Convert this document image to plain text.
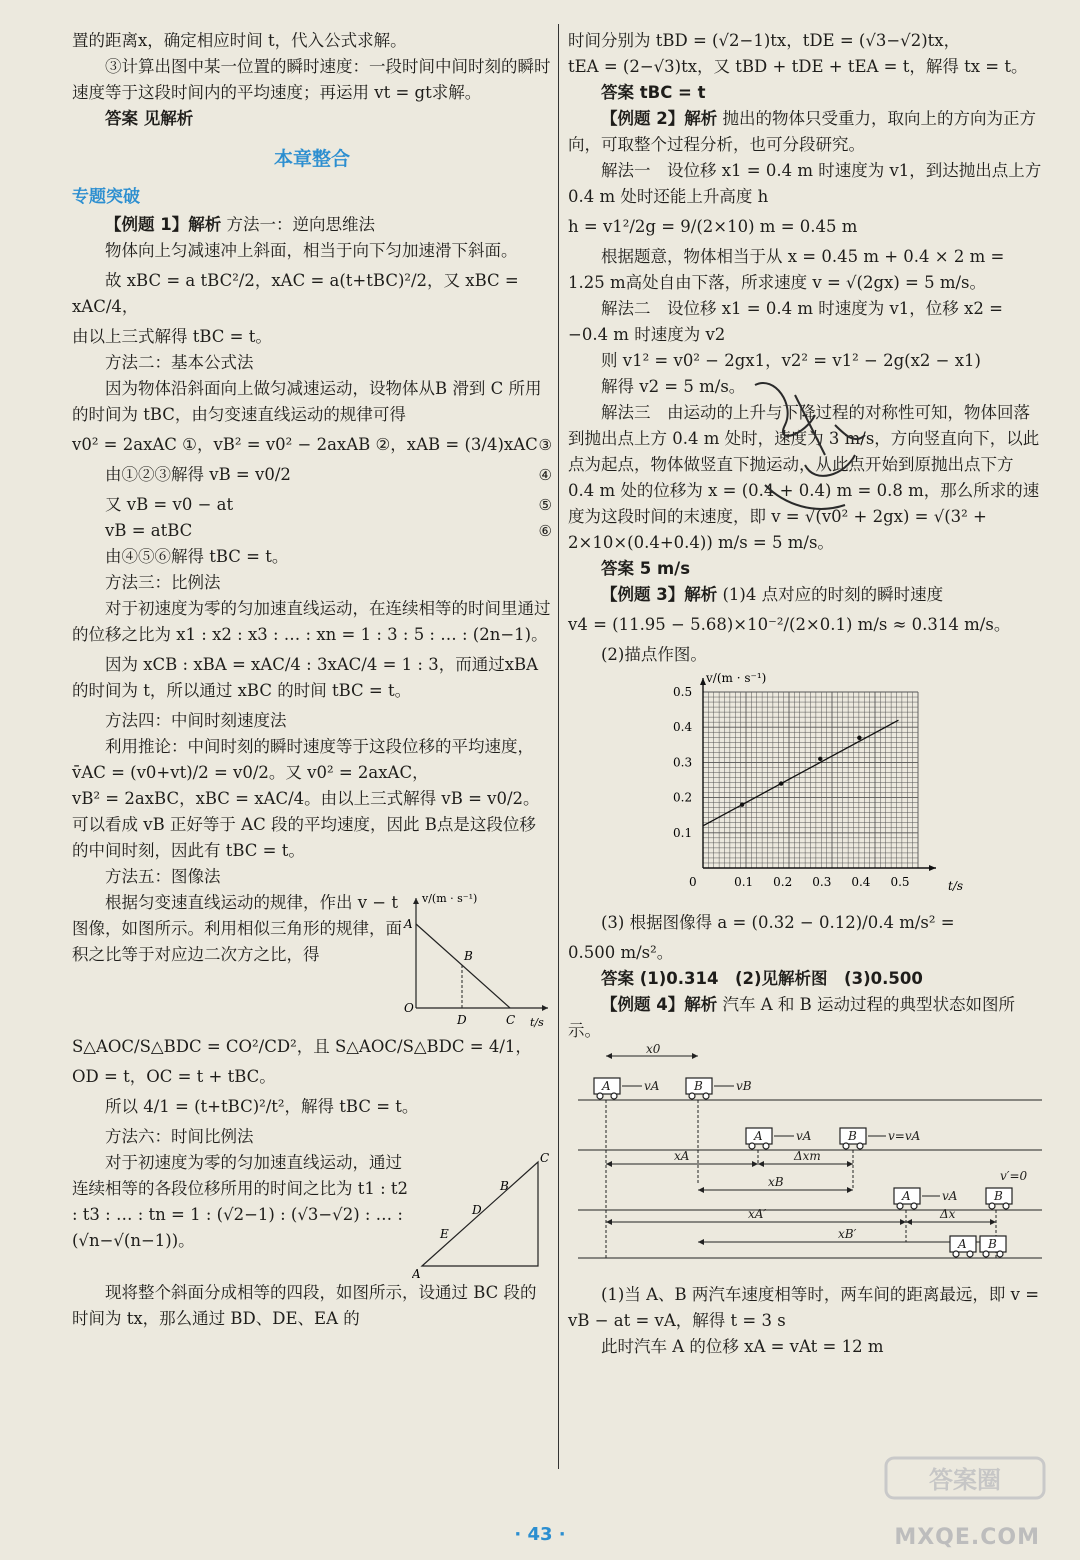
置的距离x，确定相应时间 t，代入公式求解。

③计算出图中某一位置的瞬时速度：一段时间中间时刻的瞬时速度等于这段时间内的平均速度；再运用 vt = gt求解。

答案 见解析

本章整合
专题突破

【例题 1】解析 方法一：逆向思维法

物体向上匀减速冲上斜面，相当于向下匀加速滑下斜面。

故 xBC = a tBC²/2，xAC = a(t+tBC)²/2，又 xBC = xAC/4，

由以上三式解得 tBC = t。

方法二：基本公式法

因为物体沿斜面向上做匀减速运动，设物体从B 滑到 C 所用的时间为 tBC，由匀变速直线运动的规律可得

v0² = 2axAC ①，vB² = v0² − 2axAB ②，xAB = (3/4)xAC ③
由①②③解得 vB = v0/2	④
又 vB = v0 − at	⑤
vB = atBC	⑥

由④⑤⑥解得 tBC = t。

方法三：比例法

对于初速度为零的匀加速直线运动，在连续相等的时间里通过的位移之比为 x1 : x2 : x3 : … : xn = 1 : 3 : 5 : … : (2n−1)。

因为 xCB : xBA = xAC/4 : 3xAC/4 = 1 : 3，而通过xBA 的时间为 t，所以通过 xBC 的时间 tBC = t。

方法四：中间时刻速度法

利用推论：中间时刻的瞬时速度等于这段位移的平均速度，v̄AC = (v0+vt)/2 = v0/2。又 v0² = 2axAC，

vB² = 2axBC，xBC = xAC/4。由以上三式解得 vB = v0/2。

可以看成 vB 正好等于 AC 段的平均速度，因此 B点是这段位移的中间时刻，因此有 tBC = t。

方法五：图像法

根据匀变速直线运动的规律，作出 v − t 图像，如图所示。利用相似三角形的规律，面积之比等于对应边二次方之比，得

v/(m · s⁻¹)
t/s
A
B
O
D	C

S△AOC/S△BDC = CO²/CD²，且 S△AOC/S△BDC = 4/1，

OD = t，OC = t + tBC。

所以 4/1 = (t+tBC)²/t²，解得 tBC = t。

方法六：时间比例法

对于初速度为零的匀加速直线运动，通过连续相等的各段位移所用的时间之比为 t1 : t2 : t3 : … : tn = 1 : (√2−1) : (√3−√2) : … : (√n−√(n−1))。

C
B
D
E
A

现将整个斜面分成相等的四段，如图所示，设通过 BC 段的时间为 tx，那么通过 BD、DE、EA 的

时间分别为 tBD = (√2−1)tx，tDE = (√3−√2)tx，

tEA = (2−√3)tx，又 tBD + tDE + tEA = t，解得 tx = t。

答案 tBC = t

【例题 2】解析 抛出的物体只受重力，取向上的方向为正方向，可取整个过程分析，也可分段研究。

解法一　设位移 x1 = 0.4 m 时速度为 v1，到达抛出点上方 0.4 m 处时还能上升高度 h

h = v1²/2g = 9/(2×10) m = 0.45 m

根据题意，物体相当于从 x = 0.45 m + 0.4 × 2 m = 1.25 m高处自由下落，所求速度 v = √(2gx) = 5 m/s。

解法二　设位移 x1 = 0.4 m 时速度为 v1，位移 x2 = −0.4 m 时速度为 v2

则 v1² = v0² − 2gx1，v2² = v1² − 2g(x2 − x1)

解得 v2 = 5 m/s。

解法三　由运动的上升与下降过程的对称性可知，物体回落到抛出点上方 0.4 m 处时，速度为 3 m/s，方向竖直向下，以此点为起点，物体做竖直下抛运动，从此点开始到原抛出点下方 0.4 m 处的位移为 x = (0.4 + 0.4) m = 0.8 m，那么所求的速度为这段时间的末速度，即 v = √(v0² + 2gx) = √(3² + 2×10×(0.4+0.4)) m/s = 5 m/s。

答案 5 m/s

【例题 3】解析 (1)4 点对应的时刻的瞬时速度

v4 = (11.95 − 5.68)×10⁻²/(2×0.1) m/s ≈ 0.314 m/s。

(2)描点作图。

0.1
0.2
0.3
0.4
0.5
0	0.1 0.2 0.3 0.4 0.5
v/(m · s⁻¹)
t/s

(3) 根据图像得 a = (0.32 − 0.12)/0.4 m/s² =

0.500 m/s²。

答案 (1)0.314　(2)见解析图　(3)0.500

【例题 4】解析 汽车 A 和 B 运动过程的典型状态如图所示。

A	B
A	B
A	B
A B
x0
vA	vB
vA	v=vA
vA
v′=0
xA	Δxm
xB
xA′	Δx
xB′

(1)当 A、B 两汽车速度相等时，两车间的距离最远，即 v = vB − at = vA，解得 t = 3 s

此时汽车 A 的位移 xA = vAt = 12 m

· 43 ·
答案圈
MXQE.COM
